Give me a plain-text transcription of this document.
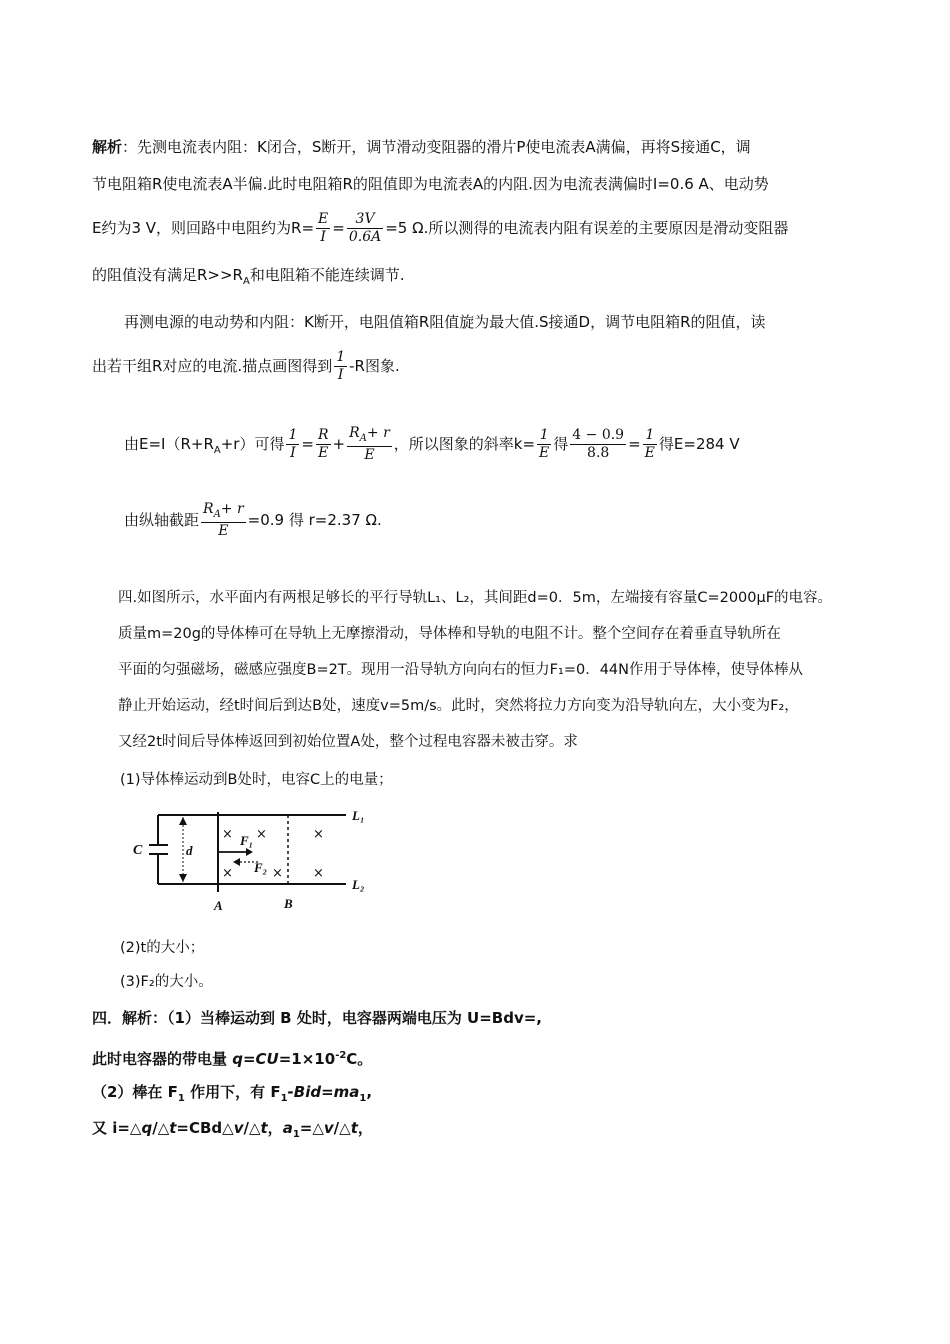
解析：先测电流表内阻：K闭合，S断开，调节滑动变阻器的滑片P使电流表A满偏，再将S接通C，调
节电阻箱R使电流表A半偏.此时电阻箱R的阻值即为电流表A的内阻.因为电流表满偏时I=0.6 A、电动势
E约为3 V，则回路中电阻约为$R= \frac{E}{I} = \frac{3V}{0.6A} =5$ Ω.所以测得的电流表内阻有误差的主要原因是滑动变阻器
的阻值没有满足$R>>R_A$和电阻箱不能连续调节.
再测电源的电动势和内阻：K断开，电阻值箱R阻值旋为最大值.S接通D，调节电阻箱R的阻值，读
出若干组R对应的电流.描点画图得到 $\frac{1}{I} -R$图象.
由$E=I(R+R_A+r)$可得 $\frac{1}{I} = \frac{R}{E} + \frac{R_A+ r}{E}$ ，所以图象的斜率$k= \frac{1}{E}$ 得 $\frac{4 - 0.9}{8.8} = \frac{1}{E}$ 得E=284 V
由纵轴截距 $\frac{R_A+ r}{E} =0.9$ 得 r=2.37 Ω.
四.如图所示，水平面内有两根足够长的平行导轨L₁、L₂，其间距d=0．5m，左端接有容量C=2000μF的电容。
质量m=20g的导体棒可在导轨上无摩擦滑动，导体棒和导轨的电阻不计。整个空间存在着垂直导轨所在
平面的匀强磁场，磁感应强度B=2T。现用一沿导轨方向向右的恒力F₁=0．44N作用于导体棒，使导体棒从
静止开始运动，经t时间后到达B处，速度v=5m/s。此时，突然将拉力方向变为沿导轨向左，大小变为F₂，
又经2t时间后导体棒返回到初始位置A处，整个过程电容器未被击穿。求
(1)导体棒运动到B处时，电容C上的电量；
C	d
L₁
L₂
F₁
F₂
A	B
× ×	×
×	× ×
(2)t的大小；
(3)F₂的大小。
四．解析：（1）当棒运动到 B 处时，电容器两端电压为 U=Bdv=,
此时电容器的带电量 $q=CU=1\times 10^{-2}C$。
（2）棒在 $F_1$ 作用下，有 $F_1-Bid=ma_1$,
又 i=△q/△t=CBd△v/△t，$a_1=\triangle v/\triangle t$，
